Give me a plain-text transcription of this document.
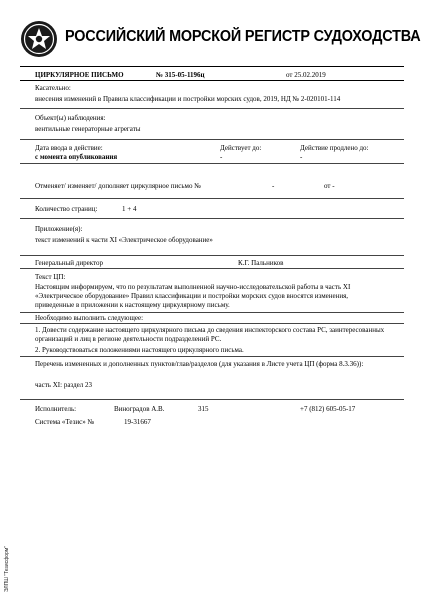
РОССИЙСКИЙ МОРСКОЙ РЕГИСТР СУДОХОДСТВА
ЦИРКУЛЯРНОЕ ПИСЬМО	№ 315-05-1196ц	от 25.02.2019
Касательно:
внесения изменений в Правила классификации и постройки морских судов, 2019, НД № 2-020101-114
Объект(ы) наблюдения:
вентильные генераторные агрегаты
Дата ввода в действие:
с момента опубликования
Действует до:
-
Действие продлено до:
-
Отменяет/ изменяет/ дополняет циркулярное письмо №	-	от -
Количество страниц:	1 + 4
Приложение(я):
текст изменений к части XI «Электрическое оборудование»
Генеральный директор	К.Г. Пальников
Текст ЦП:
Настоящим информируем, что по результатам выполненной научно-исследовательской работы в часть XI «Электрическое оборудование» Правил классификации и постройки морских судов вносятся изменения, приведенные в приложении к настоящему циркулярному письму.
Необходимо выполнить следующее:
1. Довести содержание настоящего циркулярного письма до сведения инспекторского состава РС, заинтересованных организаций и лиц в регионе деятельности подразделений РС.
2. Руководствоваться положениями настоящего циркулярного письма.
Перечень измененных и дополненных пунктов/глав/разделов (для указания в Листе учета ЦП (форма 8.3.36)):
часть XI: раздел 23
Исполнитель:	Виноградов А.В.	315	+7 (812) 605-05-17
Система «Тезис» №	19-31667
ЭЛПШ "Тезисформ"
